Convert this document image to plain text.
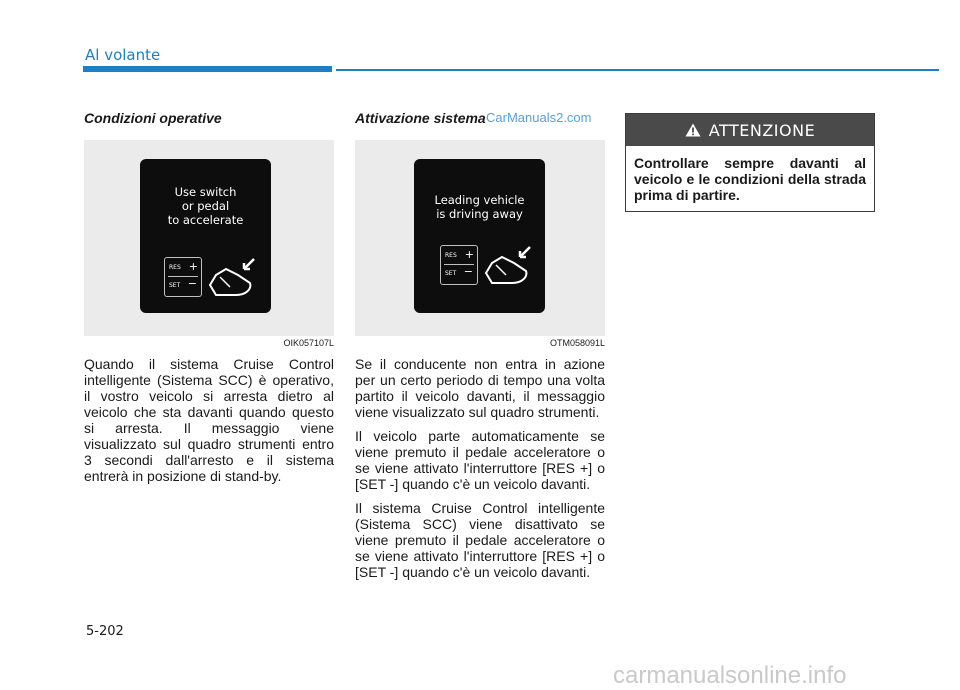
Al volante
Condizioni operative
Use switch
or pedal
to accelerate
RES +
SET −
OIK057107L

Quando il sistema Cruise Control intelligente (Sistema SCC) è operativo, il vostro veicolo si arresta dietro al veicolo che sta davanti quando questo si arresta. Il messaggio viene visualizzato sul quadro strumenti entro 3 secondi dall'arresto e il sistema entrerà in posizione di stand-by.

Attivazione sistema
Leading vehicle
is driving away
RES +
SET −
OTM058091L

Se il conducente non entra in azione per un certo periodo di tempo una volta partito il veicolo davanti, il messaggio viene visualizzato sul quadro strumenti.

Il veicolo parte automaticamente se viene premuto il pedale acceleratore o se viene attivato l'interruttore [RES +] o [SET -] quando c'è un veicolo davanti.

Il sistema Cruise Control intelligente (Sistema SCC) viene disattivato se viene premuto il pedale acceleratore o se viene attivato l'interruttore [RES +] o [SET -] quando c'è un veicolo davanti.

ATTENZIONE
Controllare sempre davanti al veicolo e le condizioni della strada prima di partire.
5-202
CarManuals2.com
carmanualsonline.info
